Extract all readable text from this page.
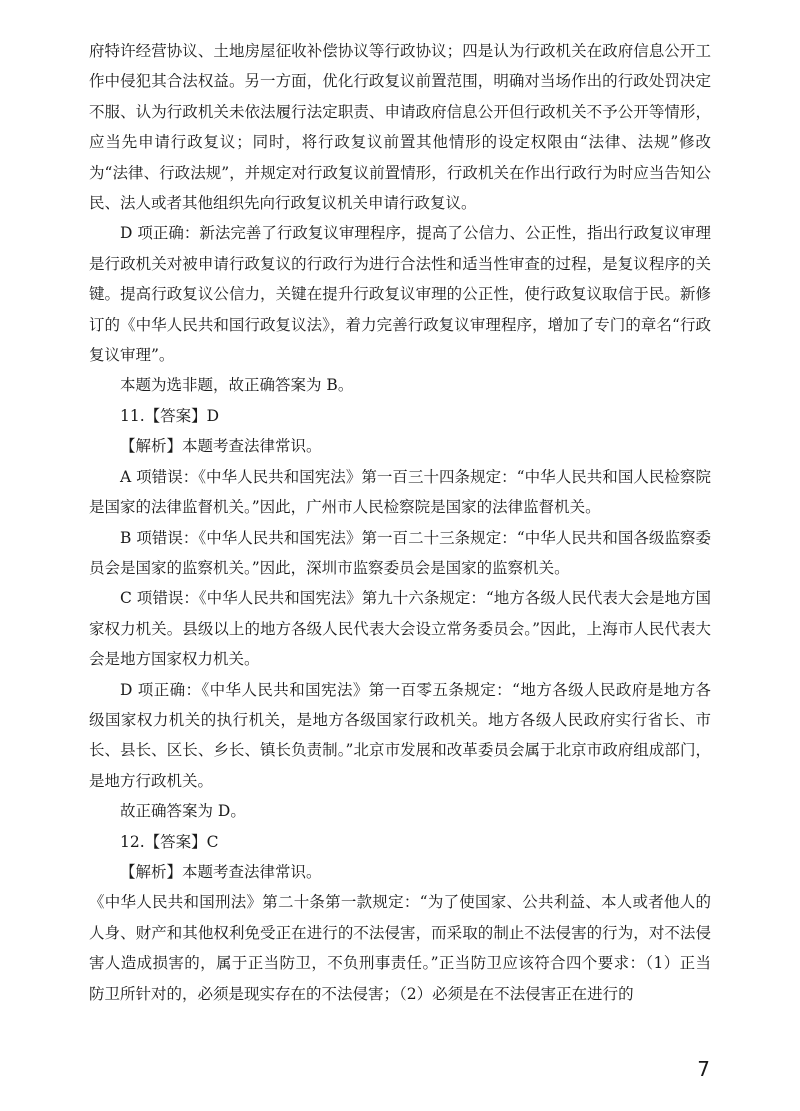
府特许经营协议、土地房屋征收补偿协议等行政协议；四是认为行政机关在政府信息公开工作中侵犯其合法权益。另一方面，优化行政复议前置范围，明确对当场作出的行政处罚决定不服、认为行政机关未依法履行法定职责、申请政府信息公开但行政机关不予公开等情形，应当先申请行政复议；同时，将行政复议前置其他情形的设定权限由“法律、法规”修改为“法律、行政法规”，并规定对行政复议前置情形，行政机关在作出行政行为时应当告知公民、法人或者其他组织先向行政复议机关申请行政复议。

D 项正确：新法完善了行政复议审理程序，提高了公信力、公正性，指出行政复议审理是行政机关对被申请行政复议的行政行为进行合法性和适当性审查的过程，是复议程序的关键。提高行政复议公信力，关键在提升行政复议审理的公正性，使行政复议取信于民。新修订的《中华人民共和国行政复议法》，着力完善行政复议审理程序，增加了专门的章名“行政复议审理”。

本题为选非题，故正确答案为 B。

11.【答案】D

【解析】本题考查法律常识。

A 项错误：《中华人民共和国宪法》第一百三十四条规定：“中华人民共和国人民检察院是国家的法律监督机关。”因此，广州市人民检察院是国家的法律监督机关。

B 项错误：《中华人民共和国宪法》第一百二十三条规定：“中华人民共和国各级监察委员会是国家的监察机关。”因此，深圳市监察委员会是国家的监察机关。

C 项错误：《中华人民共和国宪法》第九十六条规定：“地方各级人民代表大会是地方国家权力机关。县级以上的地方各级人民代表大会设立常务委员会。”因此，上海市人民代表大会是地方国家权力机关。

D 项正确：《中华人民共和国宪法》第一百零五条规定：“地方各级人民政府是地方各级国家权力机关的执行机关，是地方各级国家行政机关。地方各级人民政府实行省长、市长、县长、区长、乡长、镇长负责制。”北京市发展和改革委员会属于北京市政府组成部门，是地方行政机关。

故正确答案为 D。

12.【答案】C

【解析】本题考查法律常识。

《中华人民共和国刑法》第二十条第一款规定：“为了使国家、公共利益、本人或者他人的人身、财产和其他权利免受正在进行的不法侵害，而采取的制止不法侵害的行为，对不法侵害人造成损害的，属于正当防卫，不负刑事责任。”正当防卫应该符合四个要求：（1）正当防卫所针对的，必须是现实存在的不法侵害；（2）必须是在不法侵害正在进行的

7
